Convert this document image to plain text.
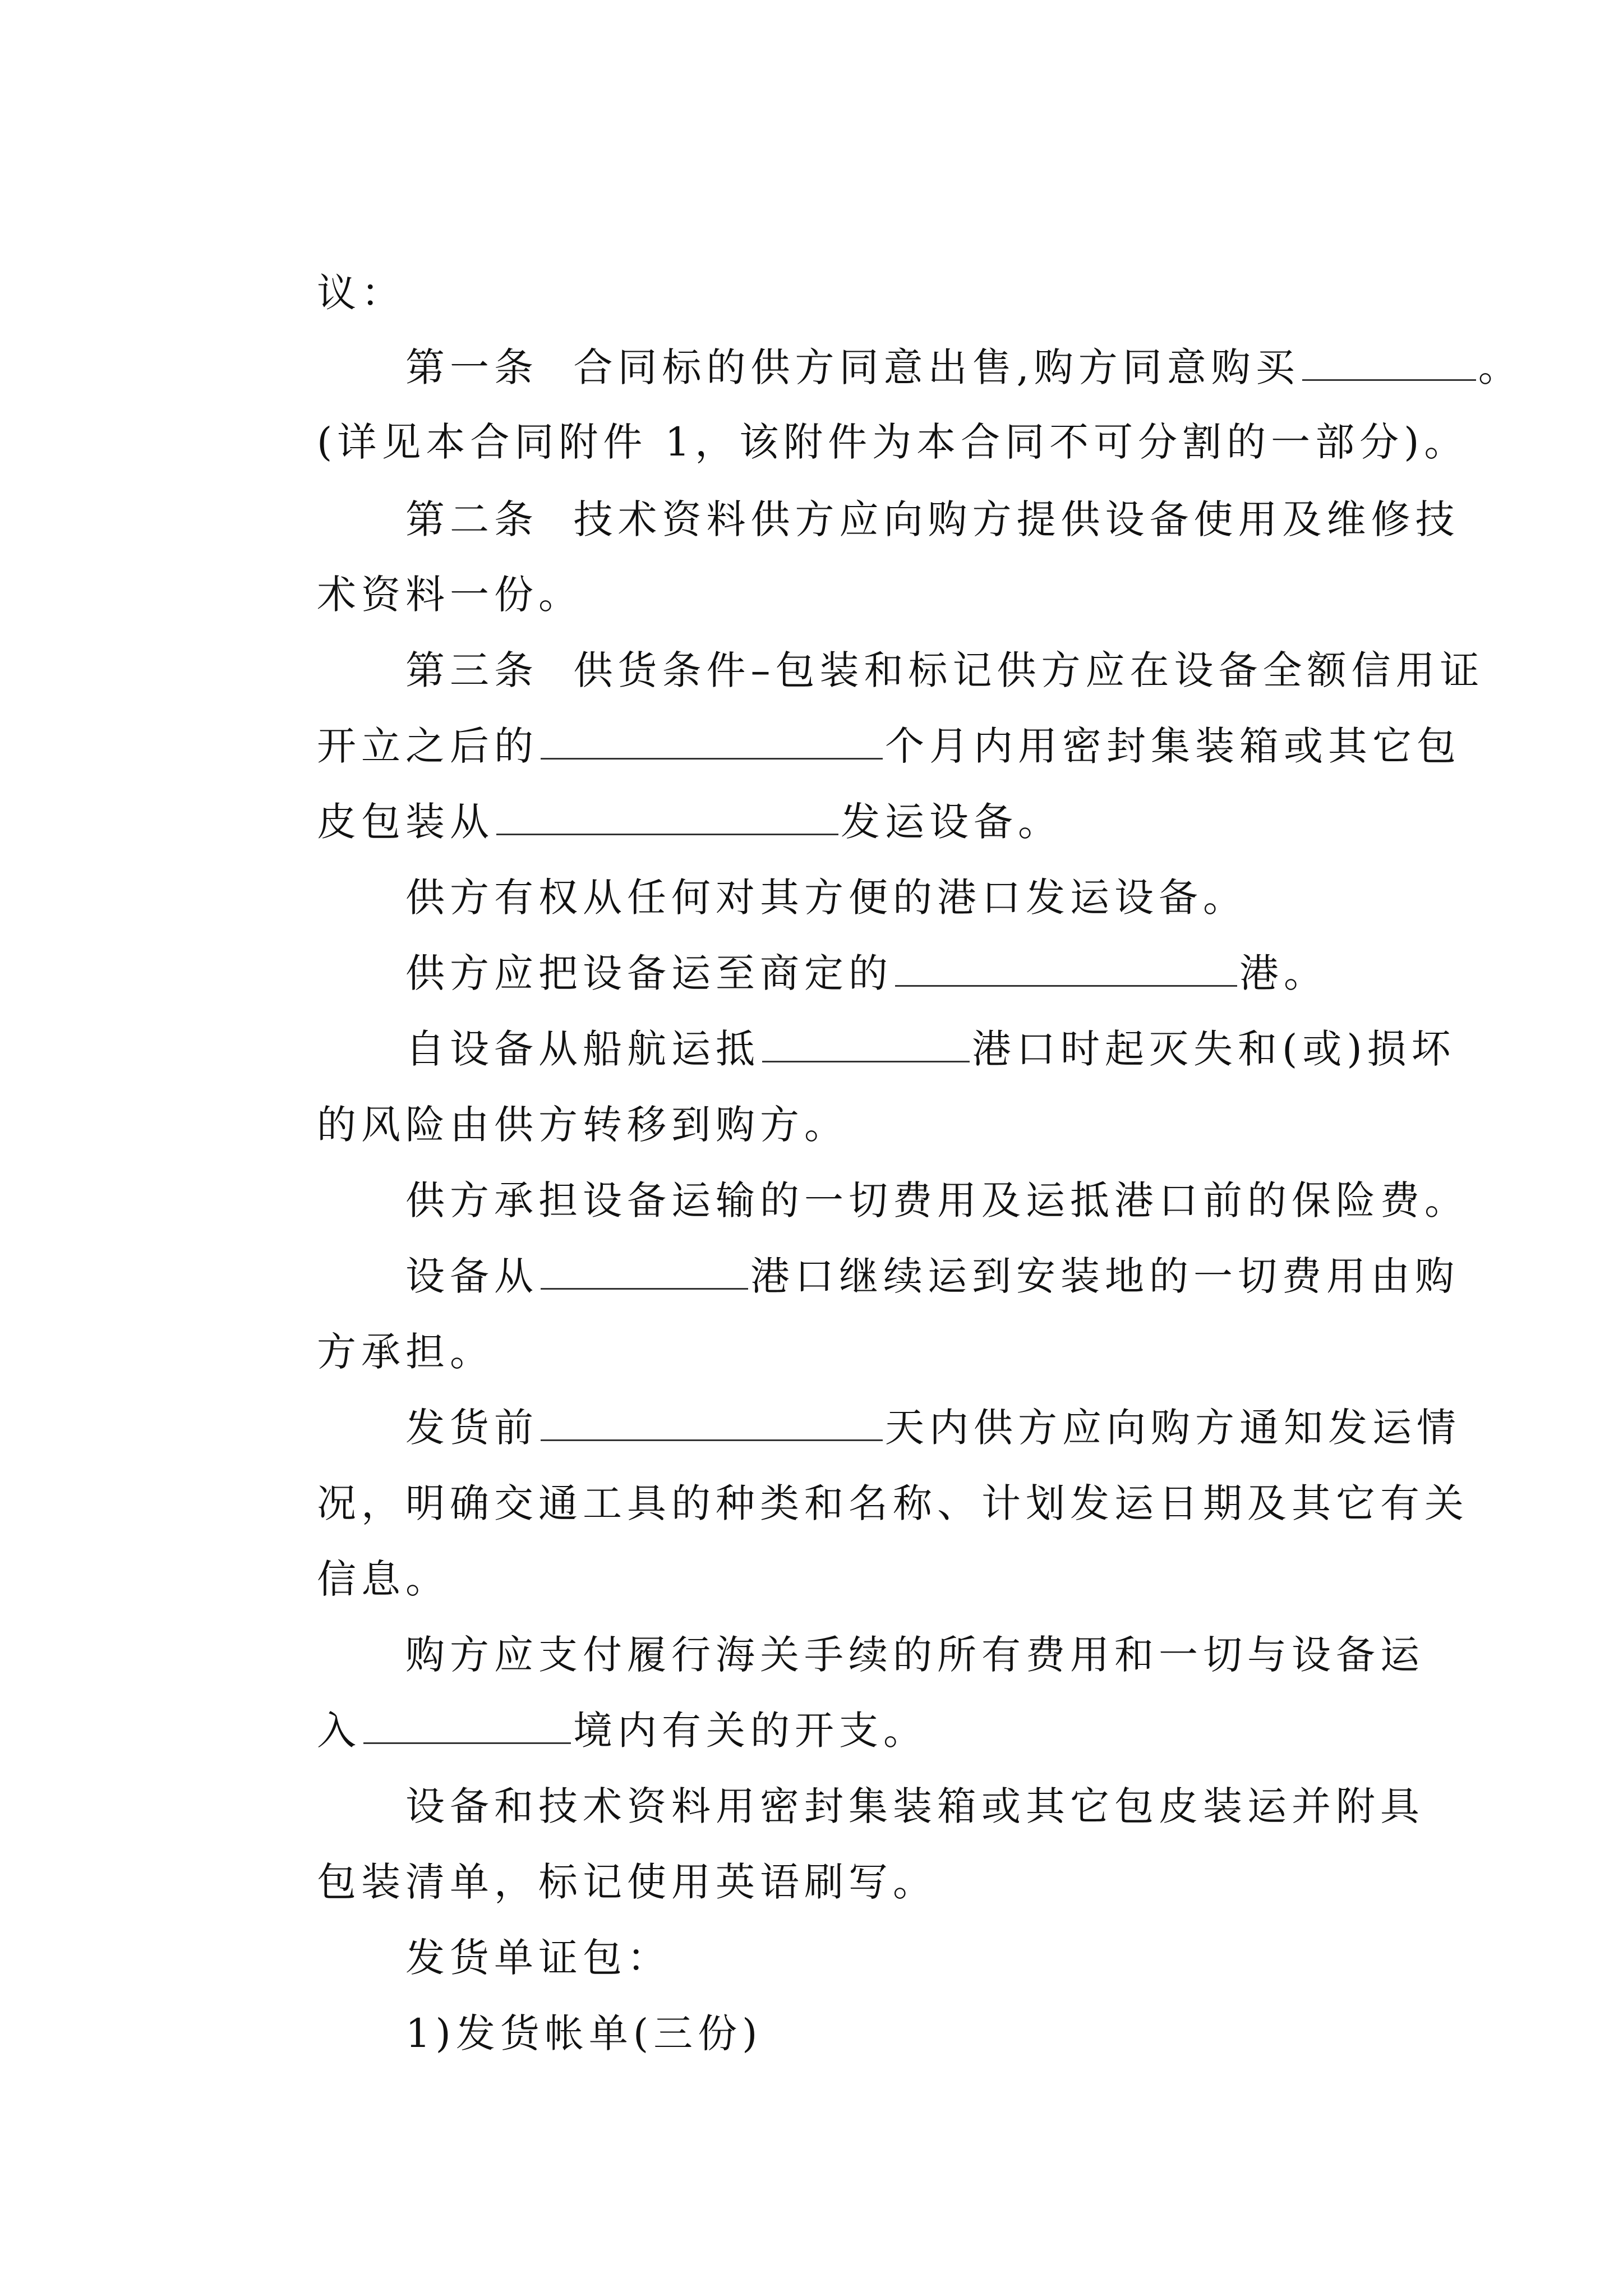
议：

第一条  合同标的供方同意出售,购方同意购买	。

(详见本合同附件 1，该附件为本合同不可分割的一部分)。

第二条  技术资料供方应向购方提供设备使用及维修技

术资料一份。

第三条  供货条件–包装和标记供方应在设备全额信用证

开立之后的	个月内用密封集装箱或其它包

皮包装从	发运设备。

供方有权从任何对其方便的港口发运设备。

供方应把设备运至商定的	港。

自设备从船航运抵	港口时起灭失和(或)损坏

的风险由供方转移到购方。

供方承担设备运输的一切费用及运抵港口前的保险费。

设备从	港口继续运到安装地的一切费用由购

方承担。

发货前	天内供方应向购方通知发运情

况，明确交通工具的种类和名称、计划发运日期及其它有关

信息。

购方应支付履行海关手续的所有费用和一切与设备运

入	境内有关的开支。

设备和技术资料用密封集装箱或其它包皮装运并附具

包装清单，标记使用英语刷写。

发货单证包：

1)发货帐单(三份)
